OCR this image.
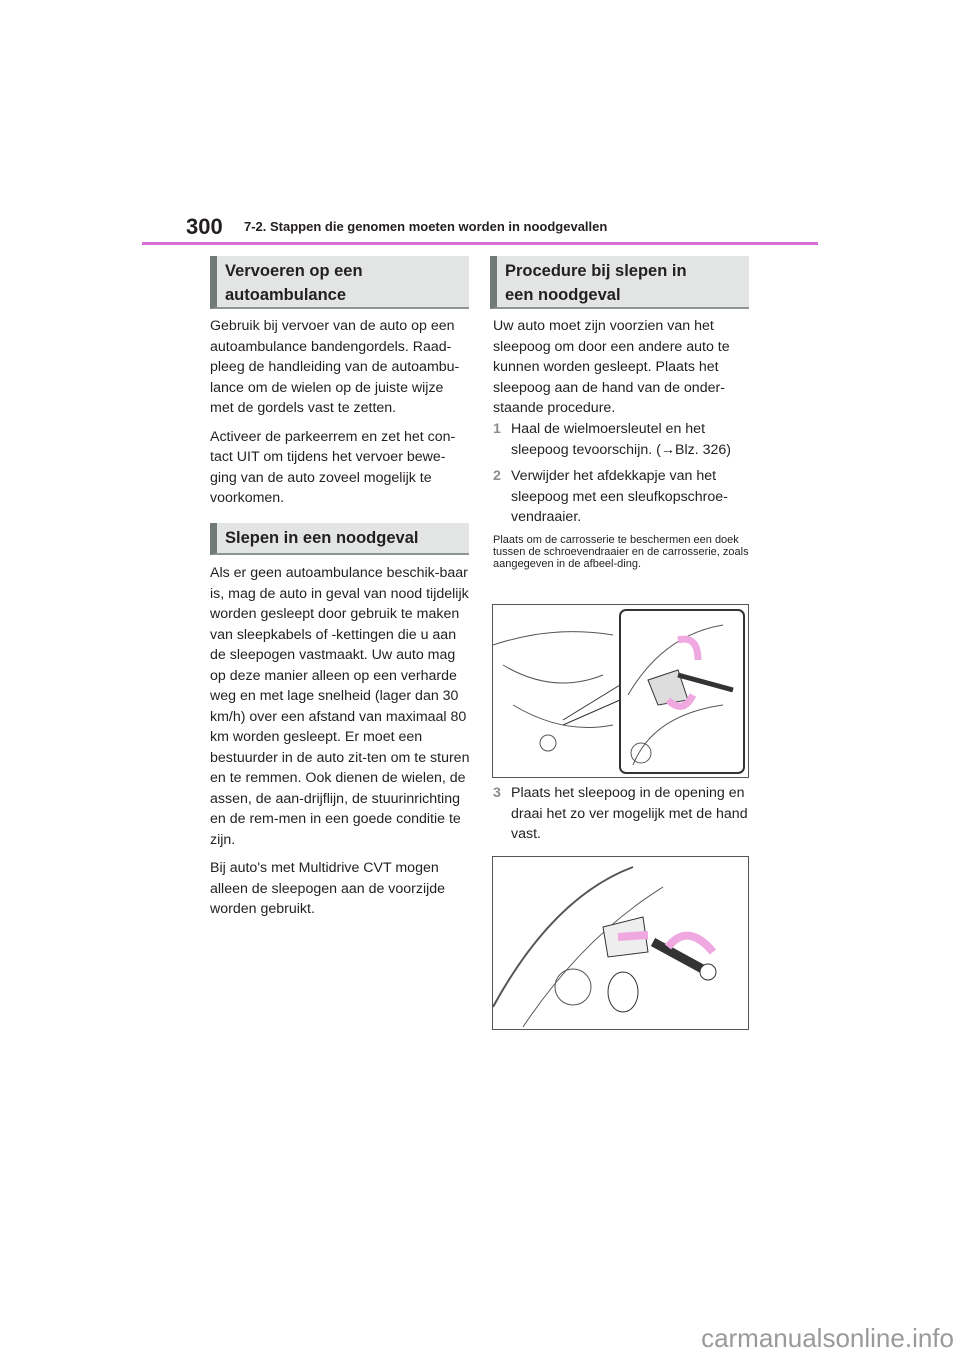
300 7-2. Stappen die genomen moeten worden in noodgevallen
Vervoeren op een
autoambulance

Gebruik bij vervoer van de auto op een autoambulance bandengordels. Raad-pleeg de handleiding van de autoambu-lance om de wielen op de juiste wijze met de gordels vast te zetten.

Activeer de parkeerrem en zet het con-tact UIT om tijdens het vervoer bewe-ging van de auto zoveel mogelijk te voorkomen.

Slepen in een noodgeval

Als er geen autoambulance beschik-baar is, mag de auto in geval van nood tijdelijk worden gesleept door gebruik te maken van sleepkabels of -kettingen die u aan de sleepogen vastmaakt. Uw auto mag op deze manier alleen op een verharde weg en met lage snelheid (lager dan 30 km/h) over een afstand van maximaal 80 km worden gesleept. Er moet een bestuurder in de auto zit-ten om te sturen en te remmen. Ook dienen de wielen, de assen, de aan-drijflijn, de stuurinrichting en de rem-men in een goede conditie te zijn.

Bij auto's met Multidrive CVT mogen alleen de sleepogen aan de voorzijde worden gebruikt.

Procedure bij slepen in
een noodgeval
Uw auto moet zijn voorzien van het sleepoog om door een andere auto te kunnen worden gesleept. Plaats het sleepoog aan de hand van de onder-staande procedure.
1 Haal de wielmoersleutel en het sleepoog tevoorschijn. (→Blz. 326)
2 Verwijder het afdekkapje van het sleepoog met een sleufkopschroe-vendraaier.
Plaats om de carrosserie te beschermen een doek tussen de schroevendraaier en de carrosserie, zoals aangegeven in de afbeel-ding.
3 Plaats het sleepoog in de opening en draai het zo ver mogelijk met de hand vast.
carmanualsonline.info
